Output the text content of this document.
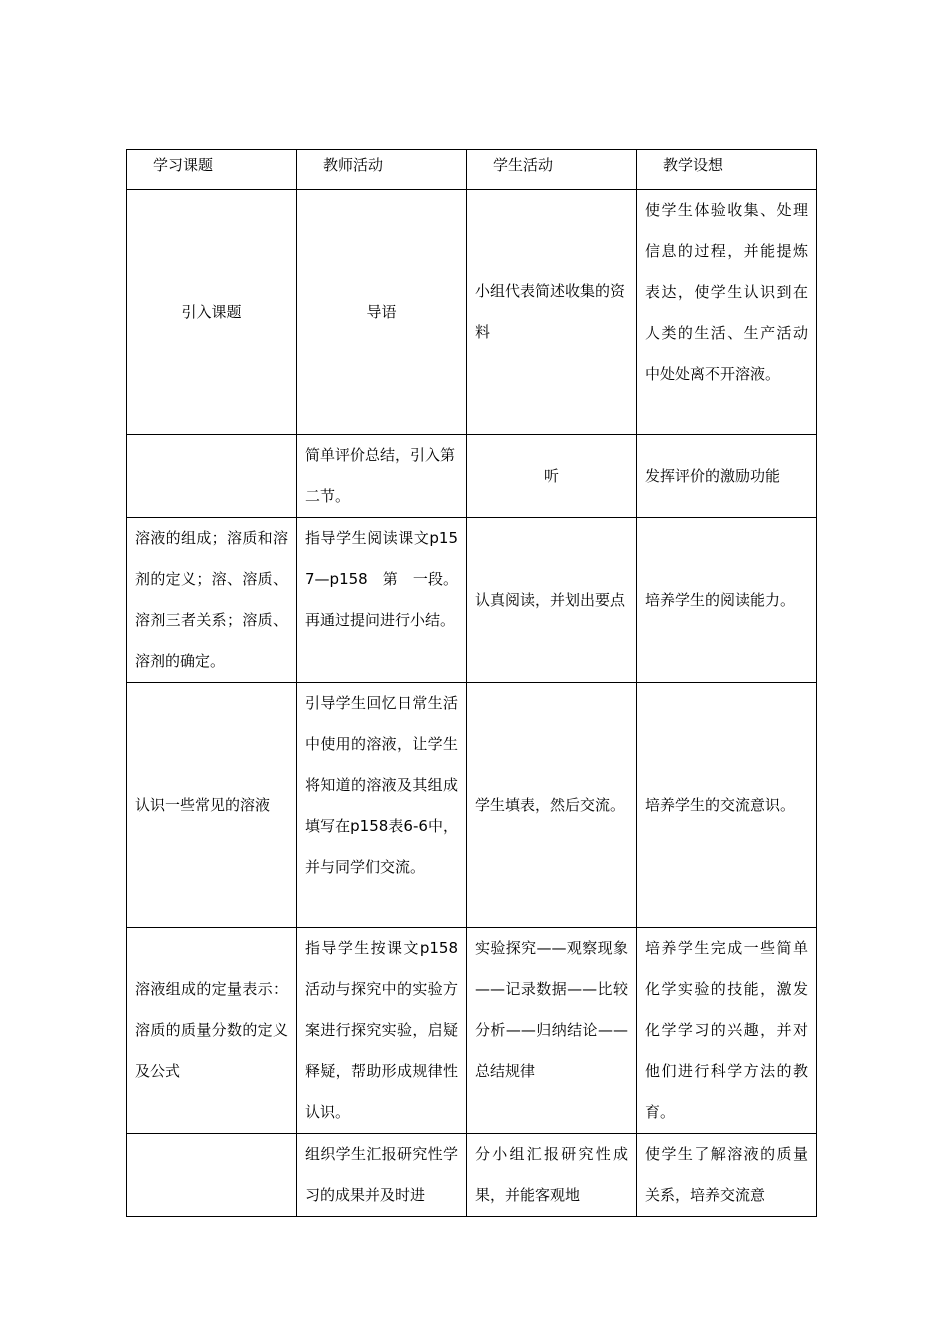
学习课题	教师活动	学生活动	教学设想
引入课题	导语	小组代表简述收集的资料	使学生体验收集、处理信息的过程，并能提炼表达，使学生认识到在人类的生活、生产活动中处处离不开溶液。
	简单评价总结，引入第二节。	听	发挥评价的激励功能
溶液的组成；溶质和溶剂的定义；溶、溶质、溶剂三者关系；溶质、溶剂的确定。	指导学生阅读课文p157—p158　第　一段。再通过提问进行小结。	认真阅读，并划出要点	培养学生的阅读能力。
认识一些常见的溶液	引导学生回忆日常生活中使用的溶液，让学生将知道的溶液及其组成填写在p158表6-6中，并与同学们交流。	学生填表，然后交流。	培养学生的交流意识。
溶液组成的定量表示：溶质的质量分数的定义及公式	指导学生按课文p158活动与探究中的实验方案进行探究实验，启疑释疑，帮助形成规律性认识。	实验探究——观察现象——记录数据——比较分析——归纳结论——总结规律	培养学生完成一些简单化学实验的技能，激发化学学习的兴趣，并对他们进行科学方法的教育。
	组织学生汇报研究性学习的成果并及时进	分小组汇报研究性成果，并能客观地	使学生了解溶液的质量关系，培养交流意
